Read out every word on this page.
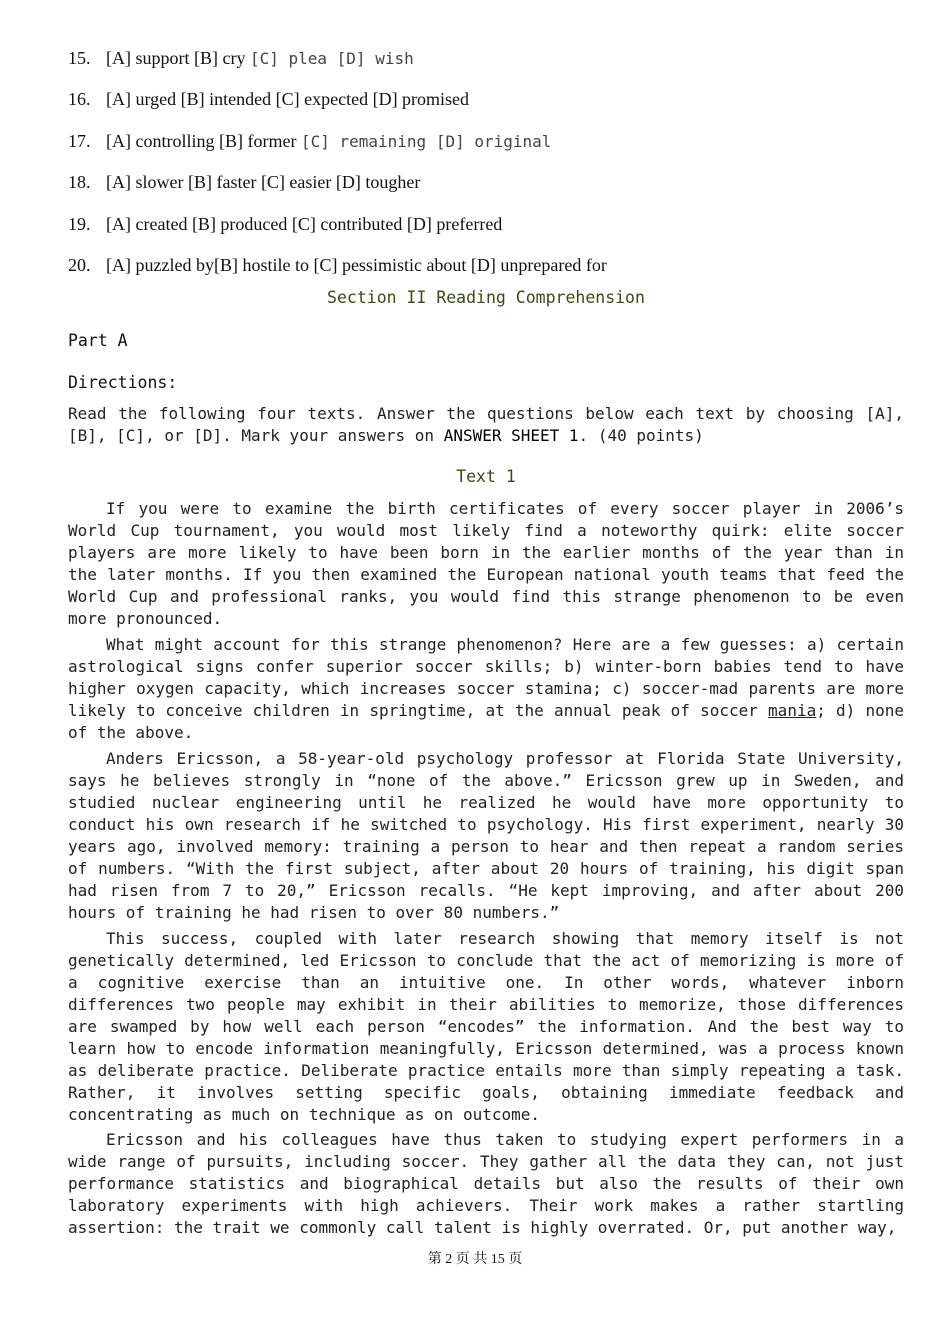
15. [A] support [B] cry [C] plea [D] wish
16. [A] urged [B] intended [C] expected [D] promised
17. [A] controlling [B] former [C] remaining [D] original
18. [A] slower [B] faster [C] easier [D] tougher
19. [A] created [B] produced [C] contributed [D] preferred
20. [A] puzzled by[B] hostile to [C] pessimistic about [D] unprepared for
Section II Reading Comprehension
Part A
Directions:

Read the following four texts. Answer the questions below each text by choosing [A], [B], [C], or [D]. Mark your answers on ANSWER SHEET 1. (40 points)

Text 1

If you were to examine the birth certificates of every soccer player in 2006’s World Cup tournament, you would most likely find a noteworthy quirk: elite soccer players are more likely to have been born in the earlier months of the year than in the later months. If you then examined the European national youth teams that feed the World Cup and professional ranks, you would find this strange phenomenon to be even more pronounced.

What might account for this strange phenomenon? Here are a few guesses: a) certain astrological signs confer superior soccer skills; b) winter-born babies tend to have higher oxygen capacity, which increases soccer stamina; c) soccer-mad parents are more likely to conceive children in springtime, at the annual peak of soccer mania; d) none of the above.

Anders Ericsson, a 58-year-old psychology professor at Florida State University, says he believes strongly in “none of the above.” Ericsson grew up in Sweden, and studied nuclear engineering until he realized he would have more opportunity to conduct his own research if he switched to psychology. His first experiment, nearly 30 years ago, involved memory: training a person to hear and then repeat a random series of numbers. “With the first subject, after about 20 hours of training, his digit span had risen from 7 to 20,” Ericsson recalls. “He kept improving, and after about 200 hours of training he had risen to over 80 numbers.”

This success, coupled with later research showing that memory itself is not genetically determined, led Ericsson to conclude that the act of memorizing is more of a cognitive exercise than an intuitive one. In other words, whatever inborn differences two people may exhibit in their abilities to memorize, those differences are swamped by how well each person “encodes” the information. And the best way to learn how to encode information meaningfully, Ericsson determined, was a process known as deliberate practice. Deliberate practice entails more than simply repeating a task. Rather, it involves setting specific goals, obtaining immediate feedback and concentrating as much on technique as on outcome.

Ericsson and his colleagues have thus taken to studying expert performers in a wide range of pursuits, including soccer. They gather all the data they can, not just performance statistics and biographical details but also the results of their own laboratory experiments with high achievers. Their work makes a rather startling assertion: the trait we commonly call talent is highly overrated. Or, put another way,

第 2 页 共 15 页
